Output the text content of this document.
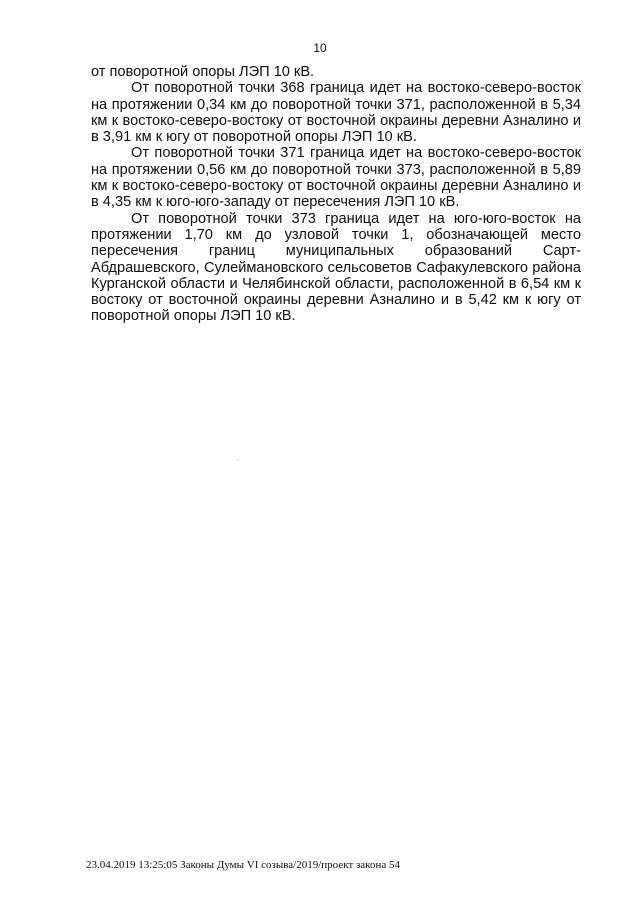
10

от поворотной опоры ЛЭП 10 кВ.

От поворотной точки 368 граница идет на востоко-северо-восток на протяжении 0,34 км до поворотной точки 371, расположенной в 5,34 км к востоко-северо-востоку от восточной окраины деревни Азналино и в 3,91 км к югу от поворотной опоры ЛЭП 10 кВ.

От поворотной точки 371 граница идет на востоко-северо-восток на протяжении 0,56 км до поворотной точки 373, расположенной в 5,89 км к востоко-северо-востоку от восточной окраины деревни Азналино и в 4,35 км к юго-юго-западу от пересечения ЛЭП 10 кВ.

От поворотной точки 373 граница идет на юго-юго-восток на протяжении 1,70 км до узловой точки 1, обозначающей место пересечения границ муниципальных образований Сарт-Абдрашевского, Сулеймановского сельсоветов Сафакулевского района Курганской области и Челябинской области, расположенной в 6,54 км к востоку от восточной окраины деревни Азналино и в 5,42 км к югу от поворотной опоры ЛЭП 10 кВ.

23.04.2019 13:25:05 Законы Думы VI созыва/2019/проект закона 54
